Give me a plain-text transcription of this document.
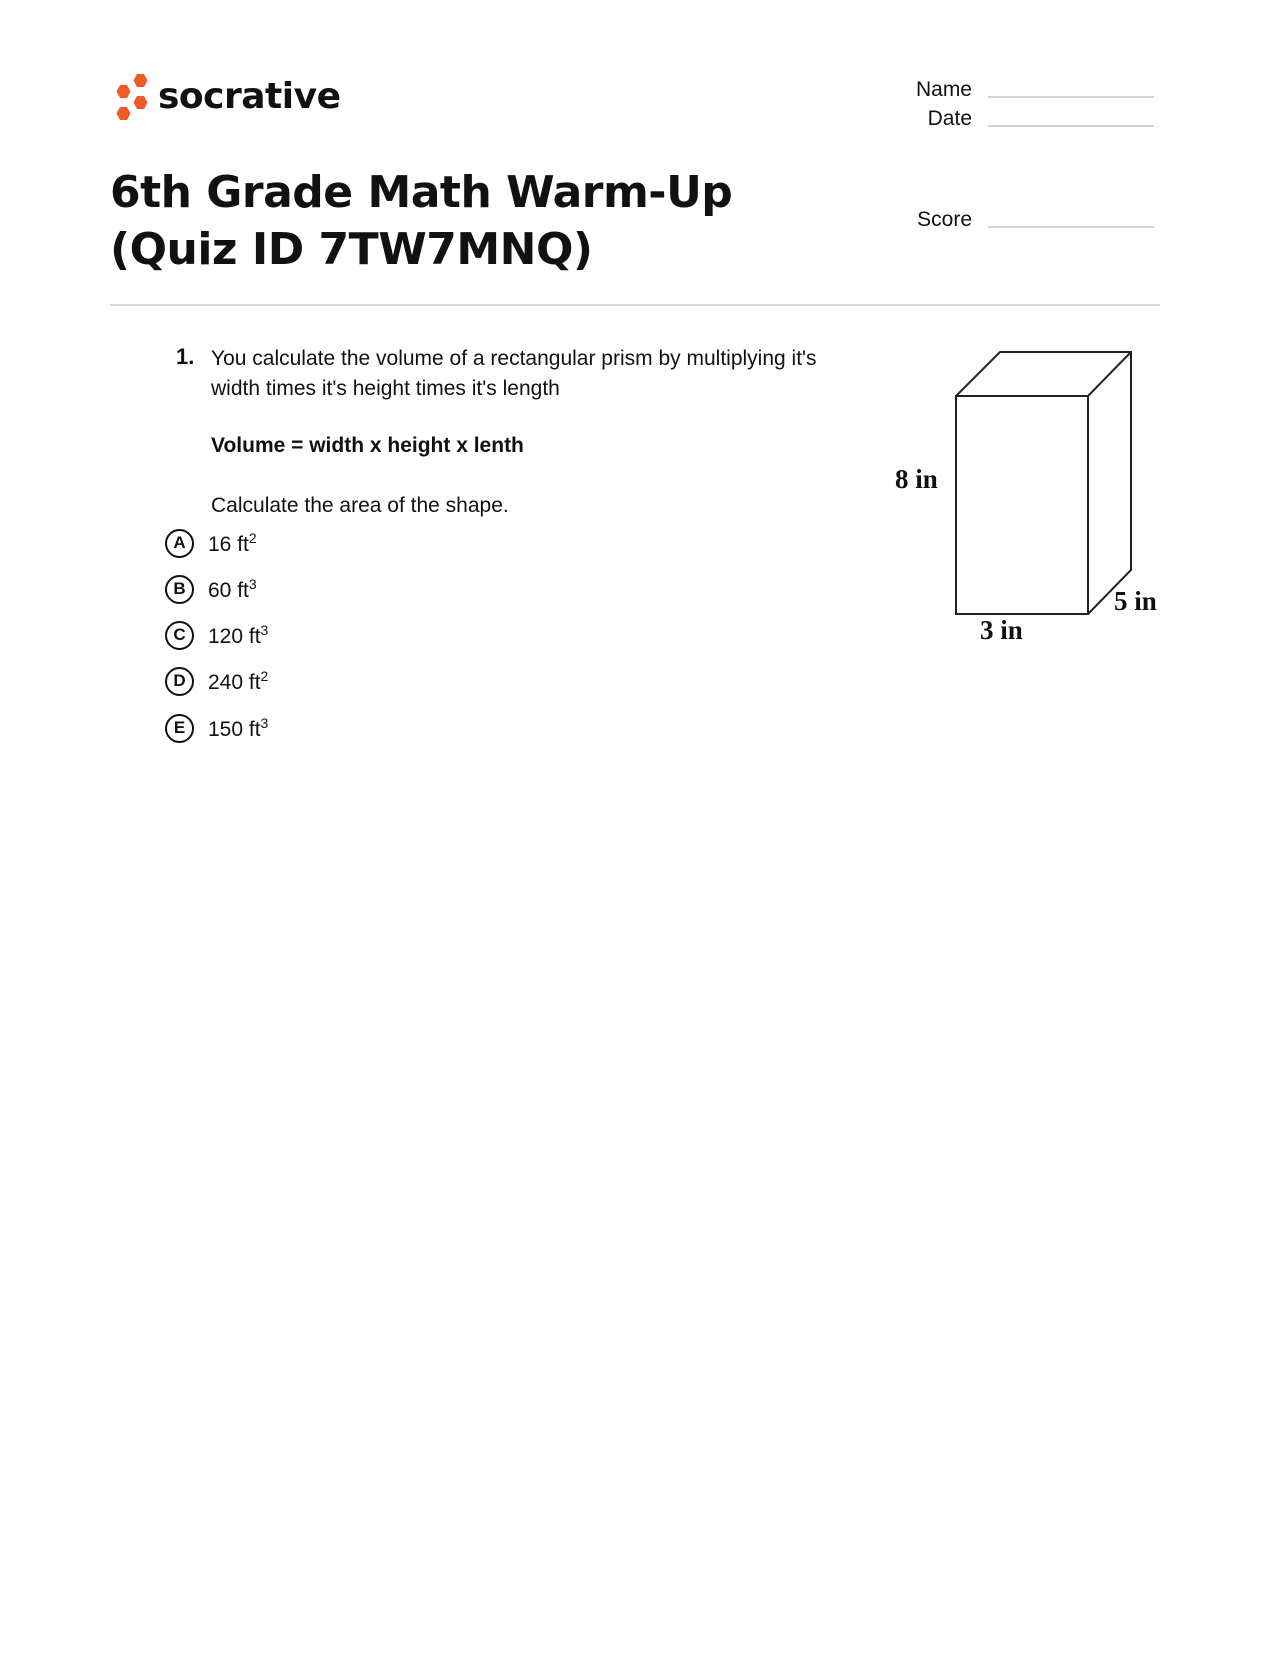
socrative	Name
Date
Score
6th Grade Math Warm-Up (Quiz ID 7TW7MNQ)
1. You calculate the volume of a rectangular prism by multiplying it's width times it's height times it's length
Volume = width x height x lenth
Calculate the area of the shape.
A	16 $ft^2$
B	60 $ft^3$
C	120 $ft^3$
D	240 $ft^2$
E	150 $ft^3$
8 in
3 in
5 in
